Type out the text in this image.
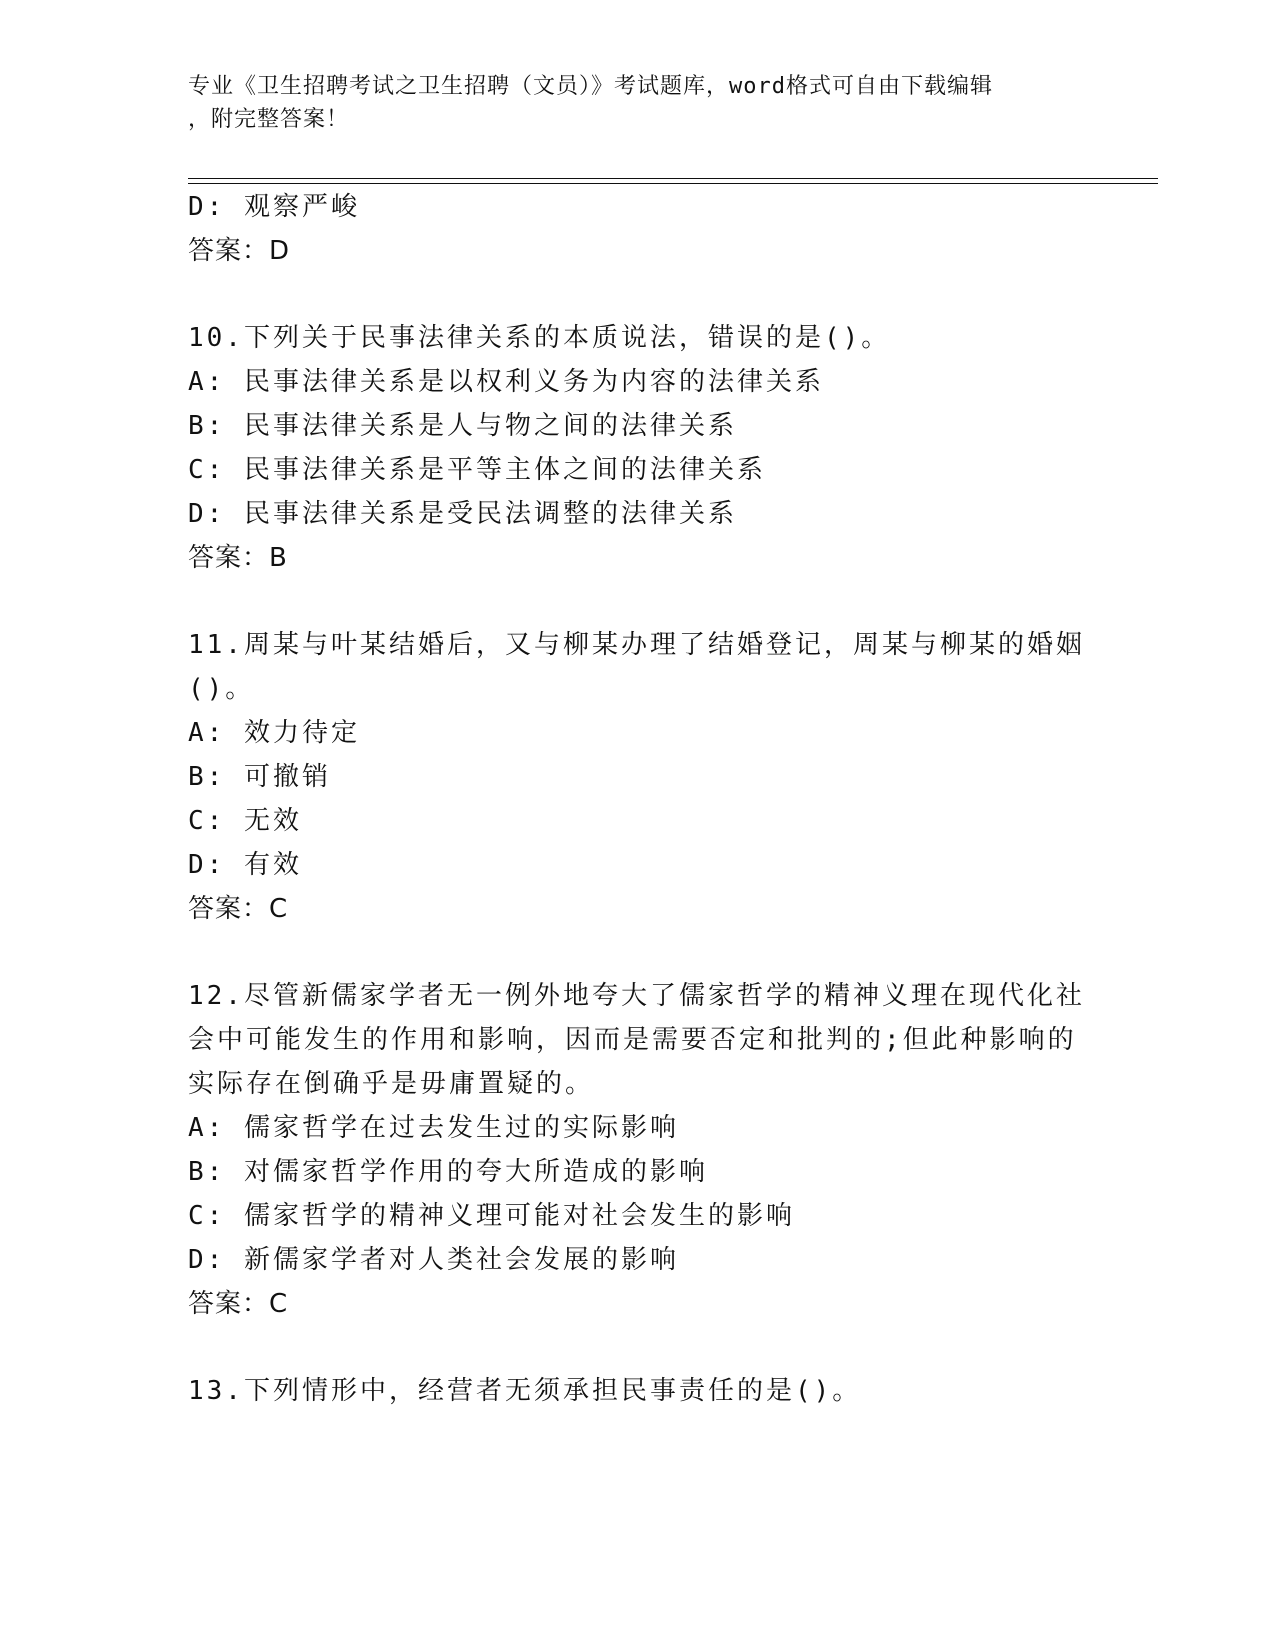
专业《卫生招聘考试之卫生招聘（文员）》考试题库，word格式可自由下载编辑
，附完整答案！
D: 观察严峻
答案：D
10.下列关于民事法律关系的本质说法，错误的是()。
A: 民事法律关系是以权利义务为内容的法律关系
B: 民事法律关系是人与物之间的法律关系
C: 民事法律关系是平等主体之间的法律关系
D: 民事法律关系是受民法调整的法律关系
答案：B
11.周某与叶某结婚后，又与柳某办理了结婚登记，周某与柳某的婚姻
()。
A: 效力待定
B: 可撤销
C: 无效
D: 有效
答案：C
12.尽管新儒家学者无一例外地夸大了儒家哲学的精神义理在现代化社
会中可能发生的作用和影响，因而是需要否定和批判的;但此种影响的
实际存在倒确乎是毋庸置疑的。
A: 儒家哲学在过去发生过的实际影响
B: 对儒家哲学作用的夸大所造成的影响
C: 儒家哲学的精神义理可能对社会发生的影响
D: 新儒家学者对人类社会发展的影响
答案：C
13.下列情形中，经营者无须承担民事责任的是()。
